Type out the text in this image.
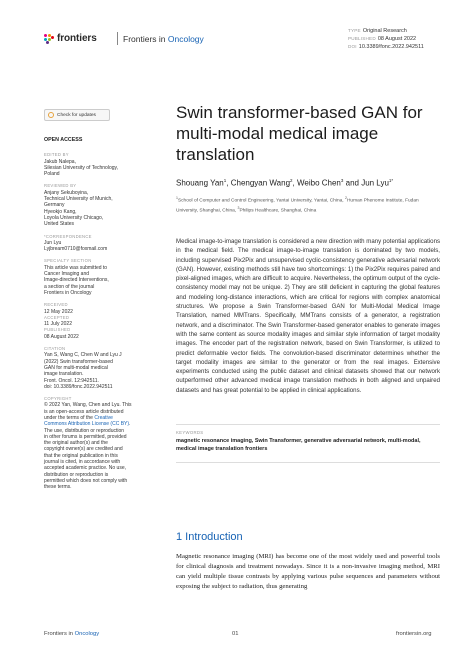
frontiers	Frontiers in Oncology
TYPE Original Research
PUBLISHED 08 August 2022
DOI 10.3389/fonc.2022.942511
Check for updates
OPEN ACCESS
EDITED BY
Jakub Nalepa,
Silesian University of Technology,
Poland
REVIEWED BY
Anjany Sekuboyina,
Technical University of Munich,
Germany
Hyeokjo Kang,
Loyola University Chicago,
United States
*CORRESPONDENCE
Jun Lyu
Lyjbream0710@foxmail.com
SPECIALTY SECTION
This article was submitted to
Cancer Imaging and
Image-directed Interventions,
a section of the journal
Frontiers in Oncology
RECEIVED
12 May 2022
ACCEPTED
11 July 2022
PUBLISHED
08 August 2022
CITATION
Yan S, Wang C, Chen W and Lyu J
(2022) Swin transformer-based
GAN for multi-modal medical
image translation.
Front. Oncol. 12:942511.
doi: 10.3389/fonc.2022.942511
COPYRIGHT
© 2022 Yan, Wang, Chen and Lyu. This
is an open-access article distributed
under the terms of the Creative
Commons Attribution License (CC BY).
The use, distribution or reproduction
in other forums is permitted, provided
the original author(s) and the
copyright owner(s) are credited and
that the original publication in this
journal is cited, in accordance with
accepted academic practice. No use,
distribution or reproduction is
permitted which does not comply with
these terms.
Swin transformer-based GAN for multi-modal medical image translation
Shouang Yan$^1$, Chengyan Wang$^2$, Weibo Chen$^3$ and Jun Lyu$^{1*}$
$^1$School of Computer and Control Engineering, Yantai University, Yantai, China, $^2$Human Phenome Institute, Fudan University, Shanghai, China, $^3$Philips Healthcare, Shanghai, China
Medical image-to-image translation is considered a new direction with many potential applications in the medical field. The medical image-to-image translation is dominated by two models, including supervised Pix2Pix and unsupervised cyclic-consistency generative adversarial network (GAN). However, existing methods still have two shortcomings: 1) the Pix2Pix requires paired and pixel-aligned images, which are difficult to acquire. Nevertheless, the optimum output of the cycle-consistency model may not be unique. 2) They are still deficient in capturing the global features and modeling long-distance interactions, which are critical for regions with complex anatomical structures. We propose a Swin Transformer-based GAN for Multi-Modal Medical Image Translation, named MMTrans. Specifically, MMTrans consists of a generator, a registration network, and a discriminator. The Swin Transformer-based generator enables to generate images with the same content as source modality images and similar style information of target modality images. The encoder part of the registration network, based on Swin Transformer, is utilized to predict deformable vector fields. The convolution-based discriminator determines whether the target modality images are similar to the generator or from the real images. Extensive experiments conducted using the public dataset and clinical datasets showed that our network outperformed other advanced medical image translation methods in both aligned and unpaired datasets and has great potential to be applied in clinical applications.
KEYWORDS
magnetic resonance imaging, Swin Transformer, generative adversarial network, multi-modal, medical image translation frontiers
1 Introduction
Magnetic resonance imaging (MRI) has become one of the most widely used and powerful tools for clinical diagnosis and treatment nowadays. Since it is a non-invasive imaging method, MRI can yield multiple tissue contrasts by applying various pulse sequences and parameters without exposing the subject to radiation, thus generating
Frontiers in Oncology	01	frontiersin.org
